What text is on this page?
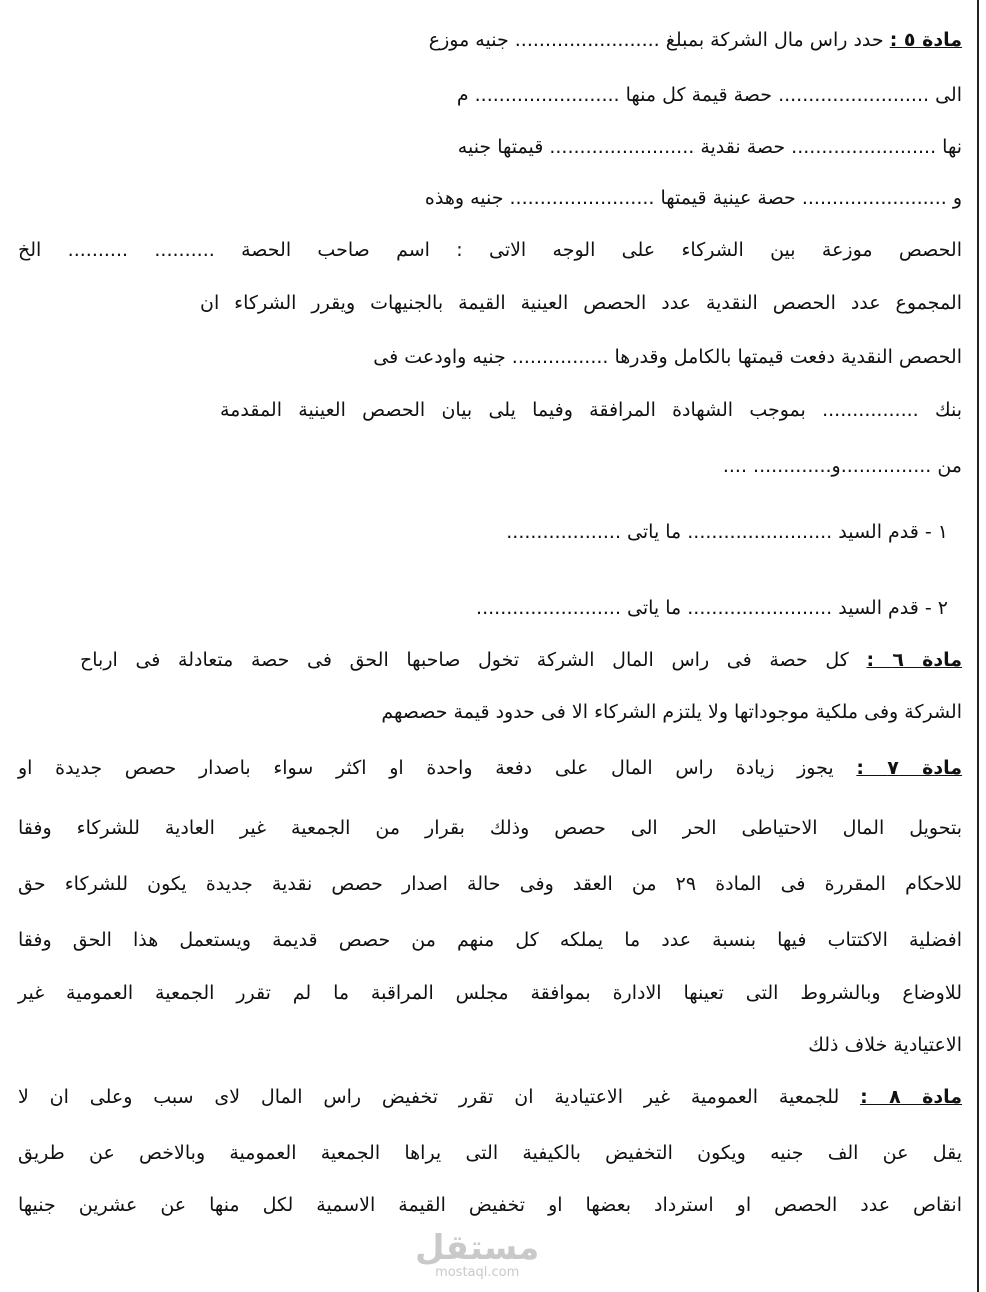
مادة ٥ : حدد راس مال الشركة بمبلغ ........................ جنيه موزع
الى ......................... حصة قيمة كل منها ........................ م
نها ........................ حصة نقدية ........................ قيمتها جنيه
و ........................ حصة عينية قيمتها ........................ جنيه وهذه
الحصص موزعة بين الشركاء على الوجه الاتى : اسم صاحب الحصة .......... .......... الخ
المجموع عدد الحصص النقدية عدد الحصص العينية القيمة بالجنيهات ويقرر الشركاء ان
الحصص النقدية دفعت قيمتها بالكامل وقدرها ................ جنيه واودعت فى
بنك ................ بموجب الشهادة المرافقة وفيما يلى بيان الحصص العينية المقدمة
من ...............و............. ....
١ - قدم السيد ........................ ما ياتى ...................
٢ - قدم السيد ........................ ما ياتى ........................
مادة ٦ : كل حصة فى راس المال الشركة تخول صاحبها الحق فى حصة متعادلة فى ارباح
الشركة وفى ملكية موجوداتها ولا يلتزم الشركاء الا فى حدود قيمة حصصهم
مادة ٧ : يجوز زيادة راس المال على دفعة واحدة او اكثر سواء باصدار حصص جديدة او
بتحويل المال الاحتياطى الحر الى حصص وذلك بقرار من الجمعية غير العادية للشركاء وفقا
للاحكام المقررة فى المادة ٢٩ من العقد وفى حالة اصدار حصص نقدية جديدة يكون للشركاء حق
افضلية الاكتتاب فيها بنسبة عدد ما يملكه كل منهم من حصص قديمة ويستعمل هذا الحق وفقا
للاوضاع وبالشروط التى تعينها الادارة بموافقة مجلس المراقبة ما لم تقرر الجمعية العمومية غير
الاعتيادية خلاف ذلك
مادة ٨ : للجمعية العمومية غير الاعتيادية ان تقرر تخفيض راس المال لاى سبب وعلى ان لا
يقل عن الف جنيه ويكون التخفيض بالكيفية التى يراها الجمعية العمومية وبالاخص عن طريق
انقاص عدد الحصص او استرداد بعضها او تخفيض القيمة الاسمية لكل منها عن عشرين جنيها
مستقل
mostaql.com
